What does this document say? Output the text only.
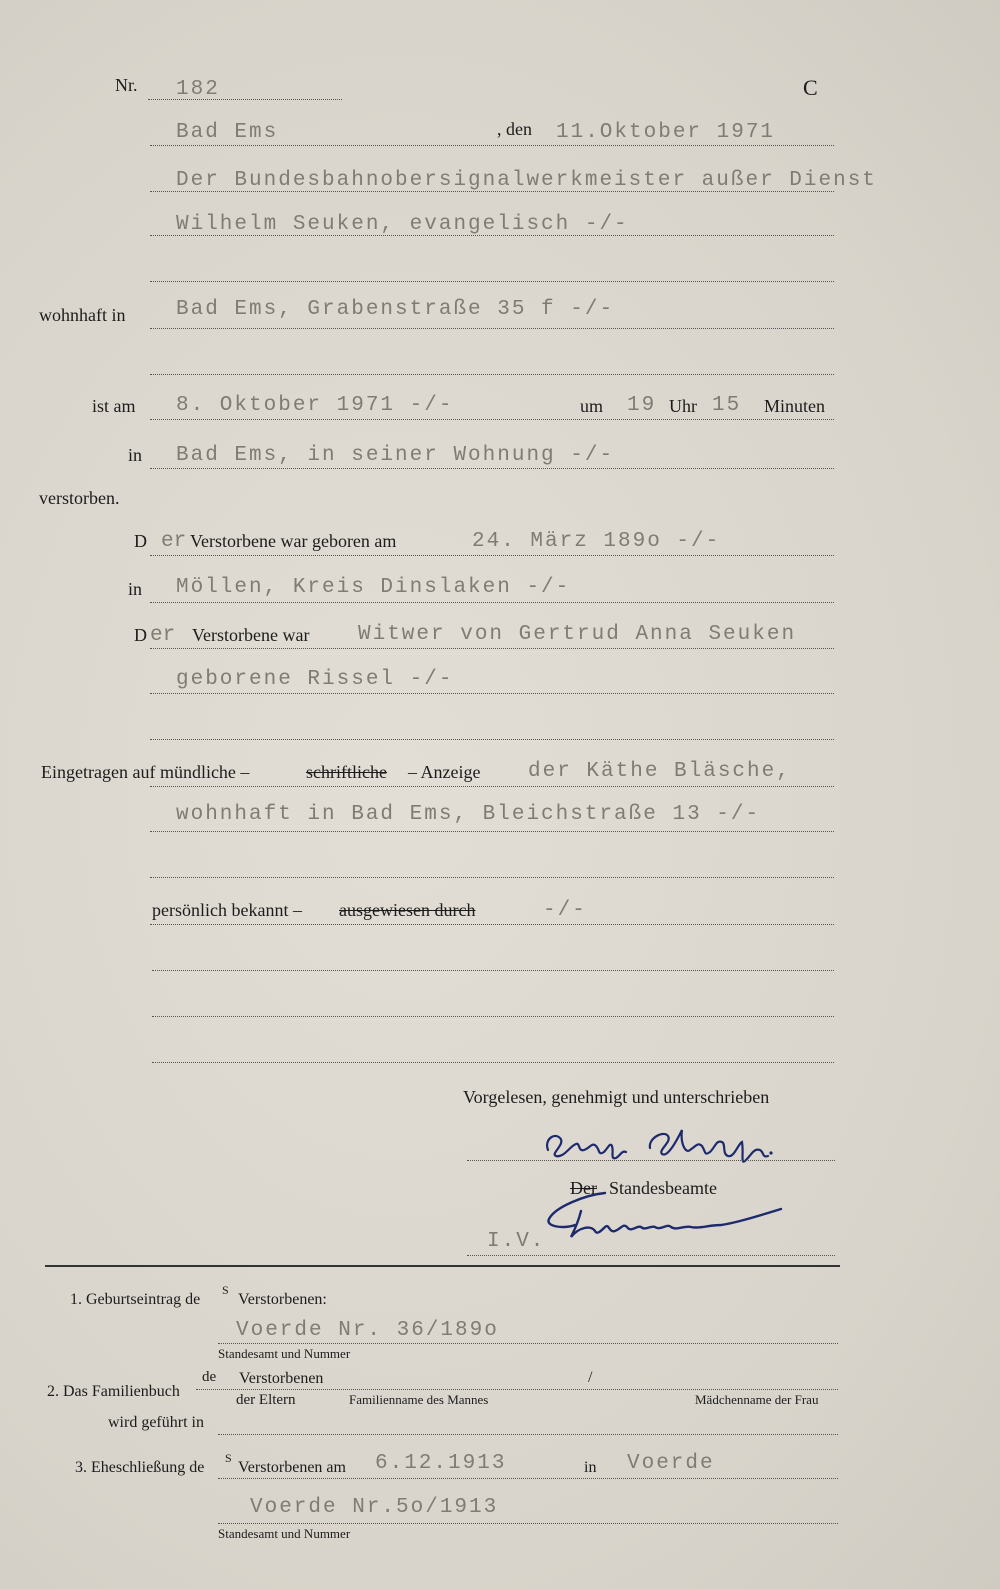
Nr. 182	C
Bad Ems	, den 11.Oktober 1971
Der Bundesbahnobersignalwerkmeister außer Dienst
Wilhelm Seuken, evangelisch -/-
wohnhaft in Bad Ems, Grabenstraße 35 f -/-
ist am 8. Oktober 1971 -/-	um 19 Uhr 15 Minuten
in Bad Ems, in seiner Wohnung -/-
verstorben.
D er Verstorbene war geboren am	24. März 189o -/-
in Möllen, Kreis Dinslaken -/-
D er Verstorbene war Witwer von Gertrud Anna Seuken
geborene Rissel -/-
Eingetragen auf mündliche –	schriftliche – Anzeige der Käthe Bläsche,
wohnhaft in Bad Ems, Bleichstraße 13 -/-
persönlich bekannt – ausgewiesen durch	-/-
Vorgelesen, genehmigt und unterschrieben
Der Standesbeamte
I.V.
1. Geburtseintrag de
S
Verstorbenen:
Voerde Nr. 36/189o
Standesamt und Nummer
2. Das Familienbuch
de Verstorbenen	/
der Eltern	Familienname des Mannes	Mädchenname der Frau
wird geführt in
3. Eheschließung de
S
Verstorbenen am 6.12.1913	in Voerde
Voerde Nr.5o/1913
Standesamt und Nummer
